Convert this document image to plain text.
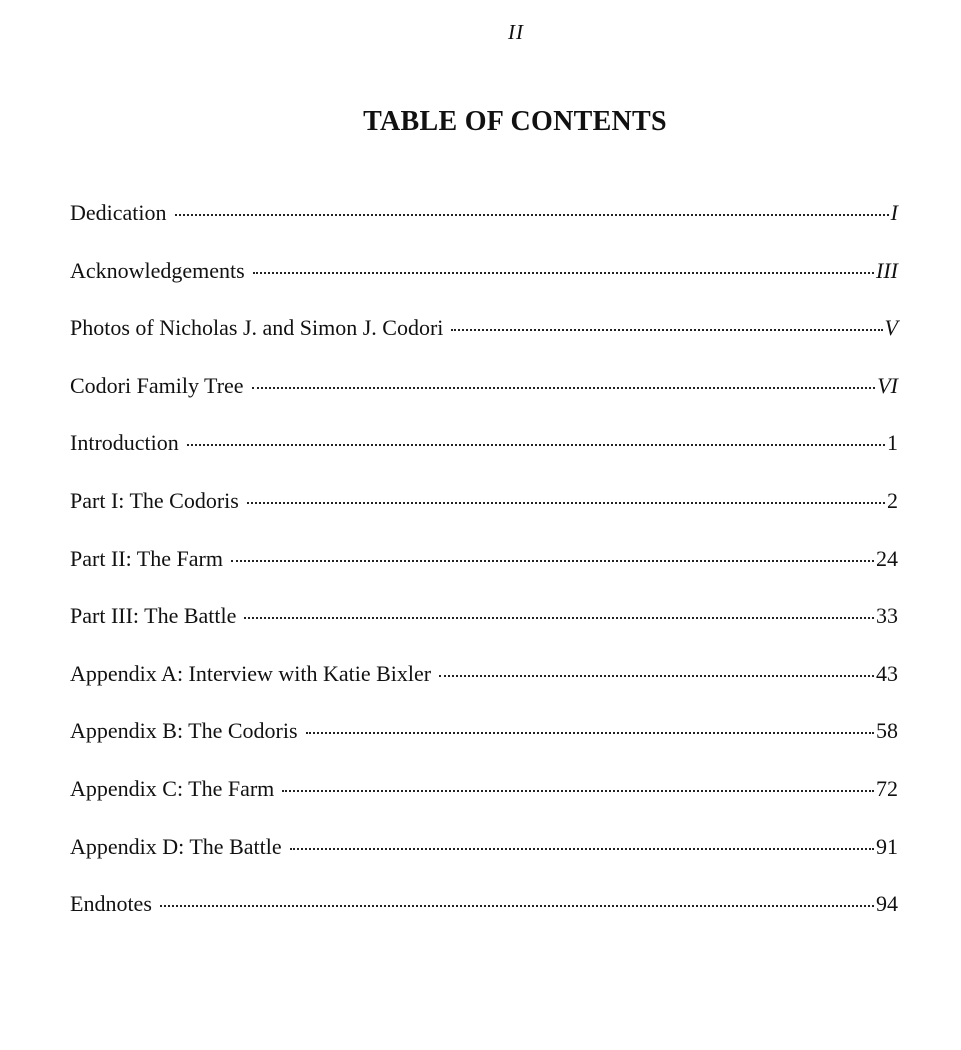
II
TABLE OF CONTENTS
Dedication	I
Acknowledgements	III
Photos of Nicholas J. and Simon J. Codori	V
Codori Family Tree	VI
Introduction	1
Part I: The Codoris	2
Part II: The Farm	24
Part III: The Battle	33
Appendix A: Interview with Katie Bixler	43
Appendix B: The Codoris	58
Appendix C: The Farm	72
Appendix D: The Battle	91
Endnotes	94
